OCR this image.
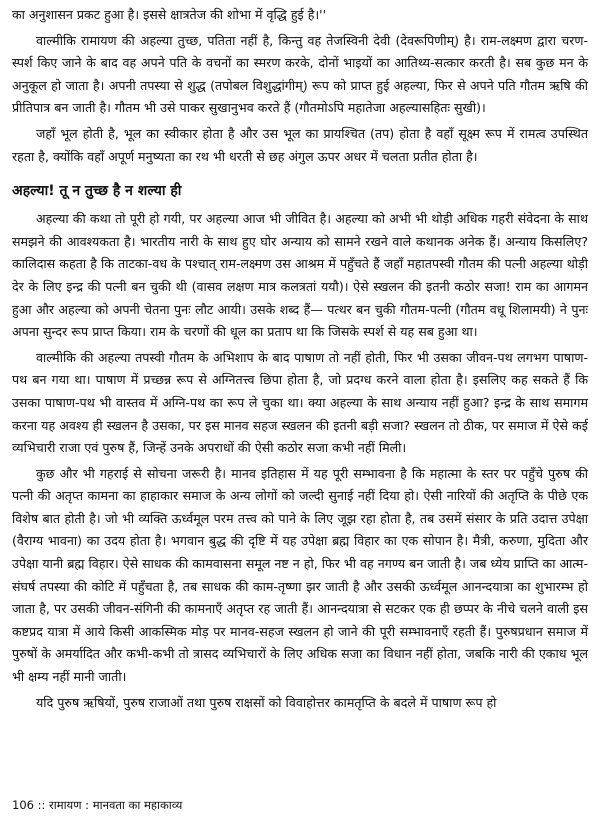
का अनुशासन प्रकट हुआ है। इससे क्षात्रतेज की शोभा में वृद्धि हुई है।''

वाल्मीकि रामायण की अहल्या तुच्छ, पतिता नहीं है, किन्तु वह तेजस्विनी देवी (देवरूपिणीम्) है। राम-लक्ष्मण द्वारा चरण-स्पर्श किए जाने के बाद वह अपने पति के वचनों का स्मरण करके, दोनों भाइयों का आतिथ्य-सत्कार करती है। सब कुछ मन के अनुकूल हो जाता है। अपनी तपस्या से शुद्ध (तपोबल विशुद्धांगीम्) रूप को प्राप्त हुई अहल्या, फिर से अपने पति गौतम ऋषि की प्रीतिपात्र बन जाती है। गौतम भी उसे पाकर सुखानुभव करते हैं (गौतमोऽपि महातेजा अहल्यासहितः सुखी)।

जहाँ भूल होती है, भूल का स्वीकार होता है और उस भूल का प्रायश्चित (तप) होता है वहाँ सूक्ष्म रूप में रामत्व उपस्थित रहता है, क्योंकि वहाँ अपूर्ण मनुष्यता का रथ भी धरती से छह अंगुल ऊपर अधर में चलता प्रतीत होता है।

अहल्या! तू न तुच्छ है न शल्या ही

अहल्या की कथा तो पूरी हो गयी, पर अहल्या आज भी जीवित है। अहल्या को अभी भी थोड़ी अधिक गहरी संवेदना के साथ समझने की आवश्यकता है। भारतीय नारी के साथ हुए घोर अन्याय को सामने रखने वाले कथानक अनेक हैं। अन्याय किसलिए? कालिदास कहता है कि ताटका-वध के पश्चात् राम-लक्ष्मण उस आश्रम में पहुँचते हैं जहाँ महातपस्वी गौतम की पत्नी अहल्या थोड़ी देर के लिए इन्द्र की पत्नी बन चुकी थी (वासव लक्षण मात्र कलत्रतां ययौ)। ऐसे स्खलन की इतनी कठोर सजा! राम का आगमन हुआ और अहल्या को अपनी चेतना पुनः लौट आयी। उसके शब्द हैं— पत्थर बन चुकी गौतम-पत्नी (गौतम वधू शिलामयी) ने पुनः अपना सुन्दर रूप प्राप्त किया। राम के चरणों की धूल का प्रताप था कि जिसके स्पर्श से यह सब हुआ था।

वाल्मीकि की अहल्या तपस्वी गौतम के अभिशाप के बाद पाषाण तो नहीं होती, फिर भी उसका जीवन-पथ लगभग पाषाण-पथ बन गया था। पाषाण में प्रच्छन्न रूप से अग्नितत्त्व छिपा होता है, जो प्रदग्ध करने वाला होता है। इसलिए कह सकते हैं कि उसका पाषाण-पथ भी वास्तव में अग्नि-पथ का रूप ले चुका था। क्या अहल्या के साथ अन्याय नहीं हुआ? इन्द्र के साथ समागम करना यह अवश्य ही स्खलन है उसका, पर इस मानव सहज स्खलन की इतनी बड़ी सजा? स्खलन तो ठीक, पर समाज में ऐसे कई व्यभिचारी राजा एवं पुरुष हैं, जिन्हें उनके अपराधों की ऐसी कठोर सजा कभी नहीं मिली।

कुछ और भी गहराई से सोचना जरूरी है। मानव इतिहास में यह पूरी सम्भावना है कि महात्मा के स्तर पर पहुँचे पुरुष की पत्नी की अतृप्त कामना का हाहाकार समाज के अन्य लोगों को जल्दी सुनाई नहीं दिया हो। ऐसी नारियों की अतृप्ति के पीछे एक विशेष बात होती है। जो भी व्यक्ति ऊर्ध्वमूल परम तत्त्व को पाने के लिए जूझ रहा होता है, तब उसमें संसार के प्रति उदात्त उपेक्षा (वैराग्य भावना) का उदय होता है। भगवान बुद्ध की दृष्टि में यह उपेक्षा ब्रह्म विहार का एक सोपान है। मैत्री, करुणा, मुदिता और उपेक्षा यानी ब्रह्म विहार। ऐसे साधक की कामवासना समूल नष्ट न हो, फिर भी वह नगण्य बन जाती है। जब ध्येय प्राप्ति का आत्म-संघर्ष तपस्या की कोटि में पहुँचता है, तब साधक की काम-तृष्णा झर जाती है और उसकी ऊर्ध्वमूल आनन्दयात्रा का शुभारम्भ हो जाता है, पर उसकी जीवन-संगिनी की कामनाएँ अतृप्त रह जाती हैं। आनन्दयात्रा से सटकर एक ही छप्पर के नीचे चलने वाली इस कष्टप्रद यात्रा में आये किसी आकस्मिक मोड़ पर मानव-सहज स्खलन हो जाने की पूरी सम्भावनाएँ रहती हैं। पुरुषप्रधान समाज में पुरुषों के अमर्यादित और कभी-कभी तो त्रासद व्यभिचारों के लिए अधिक सजा का विधान नहीं होता, जबकि नारी की एकाध भूल भी क्षम्य नहीं मानी जाती।

यदि पुरुष ऋषियों, पुरुष राजाओं तथा पुरुष राक्षसों को विवाहोत्तर कामतृप्ति के बदले में पाषाण रूप हो

106 :: रामायण : मानवता का महाकाव्य
